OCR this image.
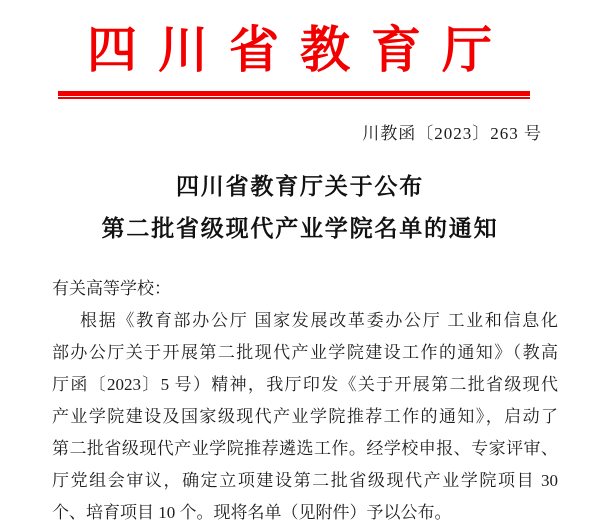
四川省教育厅
川教函〔2023〕263 号
四川省教育厅关于公布
第二批省级现代产业学院名单的通知
有关高等学校：
根据《教育部办公厅 国家发展改革委办公厅 工业和信息化
部办公厅关于开展第二批现代产业学院建设工作的通知》（教高
厅函〔2023〕5 号）精神，我厅印发《关于开展第二批省级现代
产业学院建设及国家级现代产业学院推荐工作的通知》，启动了
第二批省级现代产业学院推荐遴选工作。经学校申报、专家评审、
厅党组会审议，确定立项建设第二批省级现代产业学院项目 30
个、培育项目 10 个。现将名单（见附件）予以公布。
